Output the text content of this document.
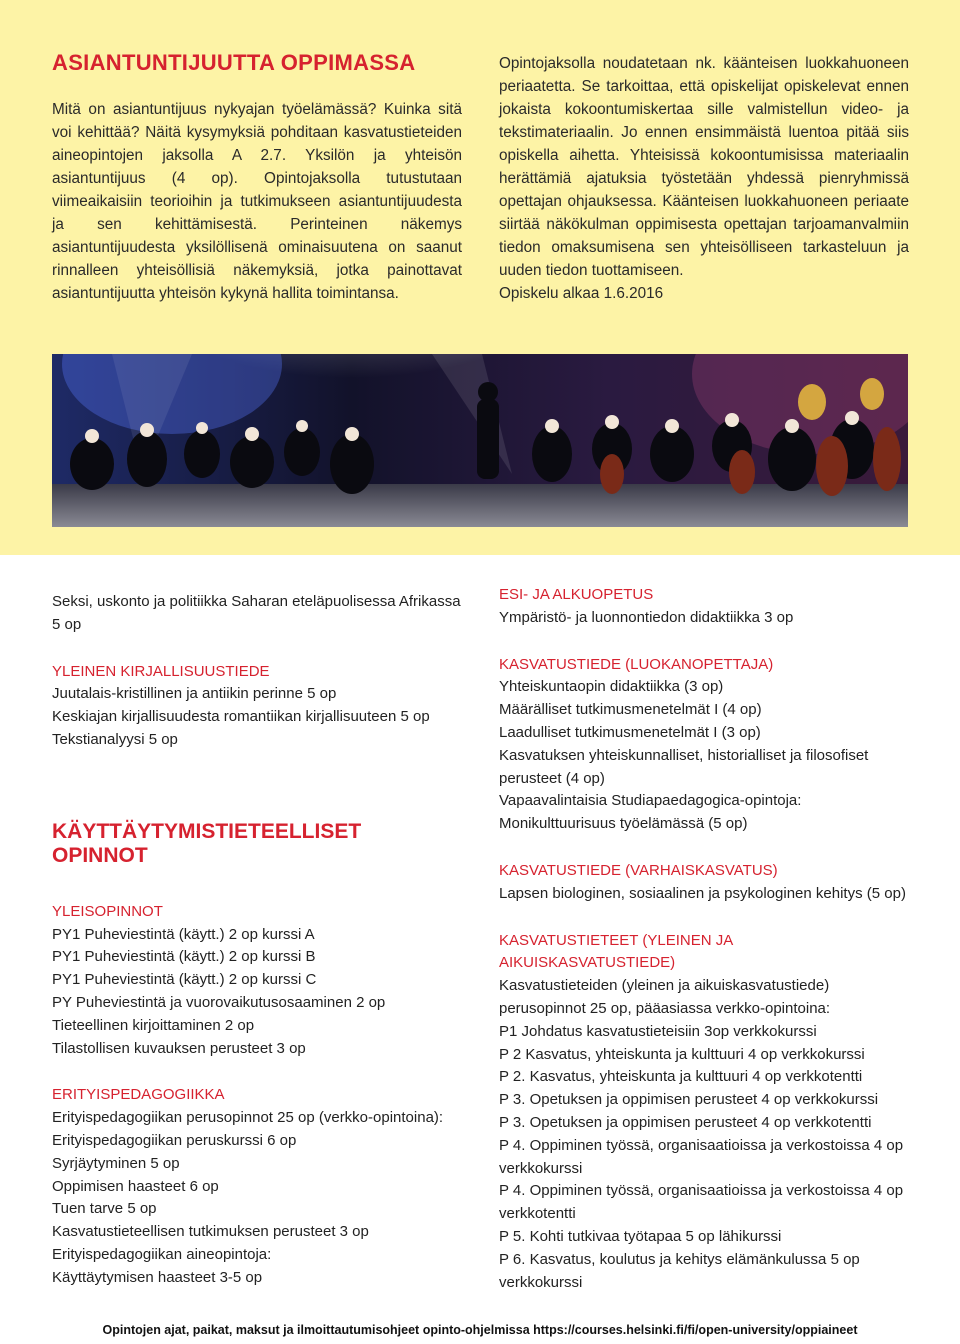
ASIANTUNTIJUUTTA OPPIMASSA

Mitä on asiantuntijuus nykyajan työelämässä? Kuinka sitä voi kehittää? Näitä kysymyksiä pohditaan kasvatustieteiden aineopintojen jaksolla A 2.7. Yksilön ja yhteisön asiantuntijuus (4 op). Opintojaksolla tutustutaan viimeaikaisiin teorioihin ja tutkimukseen asiantuntijuudesta ja sen kehittämisestä. Perinteinen näkemys asiantuntijuudesta yksilöllisenä ominaisuutena on saanut rinnalleen yhteisöllisiä näkemyksiä, jotka painottavat asiantuntijuutta yhteisön kykynä hallita toimintansa.

Opintojaksolla noudatetaan nk. käänteisen luokkahuoneen periaatetta. Se tarkoittaa, että opiskelijat opiskelevat ennen jokaista kokoontumiskertaa sille valmistellun video- ja tekstimateriaalin. Jo ennen ensimmäistä luentoa pitää siis opiskella aihetta. Yhteisissä kokoontumisissa materiaalin herättämiä ajatuksia työstetään yhdessä pienryhmissä opettajan ohjauksessa. Käänteisen luokkahuoneen periaate siirtää näkökulman oppimisesta opettajan tarjoamanvalmiin tiedon omaksumisena sen yhteisölliseen tarkasteluun ja uuden tiedon tuottamiseen.

Opiskelu alkaa 1.6.2016

Seksi, uskonto ja politiikka Saharan eteläpuolisessa Afrikassa 5 op

YLEINEN KIRJALLISUUSTIEDE

Juutalais-kristillinen ja antiikin perinne 5 op

Keskiajan kirjallisuudesta romantiikan kirjallisuuteen 5 op

Tekstianalyysi 5 op

KÄYTTÄYTYMISTIETEELLISET
OPINNOT
YLEISOPINNOT

PY1 Puheviestintä (käytt.) 2 op kurssi A

PY1 Puheviestintä (käytt.) 2 op kurssi B

PY1 Puheviestintä (käytt.) 2 op kurssi C

PY Puheviestintä ja vuorovaikutusosaaminen 2 op

Tieteellinen kirjoittaminen 2 op

Tilastollisen kuvauksen perusteet 3 op

ERITYISPEDAGOGIIKKA

Erityispedagogiikan perusopinnot 25 op (verkko-opintoina):

Erityispedagogiikan peruskurssi 6 op

Syrjäytyminen 5 op

Oppimisen haasteet 6 op

Tuen tarve 5 op

Kasvatustieteellisen tutkimuksen perusteet 3 op

Erityispedagogiikan aineopintoja:

Käyttäytymisen haasteet 3-5 op

ESI- JA ALKUOPETUS

Ympäristö- ja luonnontiedon didaktiikka 3 op

KASVATUSTIEDE (LUOKANOPETTAJA)

Yhteiskuntaopin didaktiikka (3 op)

Määrälliset tutkimusmenetelmät I (4 op)

Laadulliset tutkimusmenetelmät I (3 op)

Kasvatuksen yhteiskunnalliset, historialliset ja filosofiset perusteet (4 op)

Vapaavalintaisia Studiapaedagogica-opintoja: Monikulttuurisuus työelämässä (5 op)

KASVATUSTIEDE (VARHAISKASVATUS)

Lapsen biologinen, sosiaalinen ja psykologinen kehitys (5 op)

KASVATUSTIETEET (YLEINEN JA AIKUISKASVATUSTIEDE)

Kasvatustieteiden (yleinen ja aikuiskasvatustiede) perusopinnot 25 op, pääasiassa verkko-opintoina:

P1 Johdatus kasvatustieteisiin 3op verkkokurssi

P 2 Kasvatus, yhteiskunta ja kulttuuri 4 op verkkokurssi

P 2. Kasvatus, yhteiskunta ja kulttuuri 4 op verkkotentti

P 3. Opetuksen ja oppimisen perusteet 4 op verkkokurssi

P 3. Opetuksen ja oppimisen perusteet 4 op verkkotentti

P 4. Oppiminen työssä, organisaatioissa ja verkostoissa 4 op verkkokurssi

P 4. Oppiminen työssä, organisaatioissa ja verkostoissa 4 op verkkotentti

P 5. Kohti tutkivaa työtapaa 5 op lähikurssi

P 6. Kasvatus, koulutus ja kehitys elämänkulussa 5 op verkkokurssi

Opintojen ajat, paikat, maksut ja ilmoittautumisohjeet opinto-ohjelmissa https://courses.helsinki.fi/fi/open-university/oppiaineet
